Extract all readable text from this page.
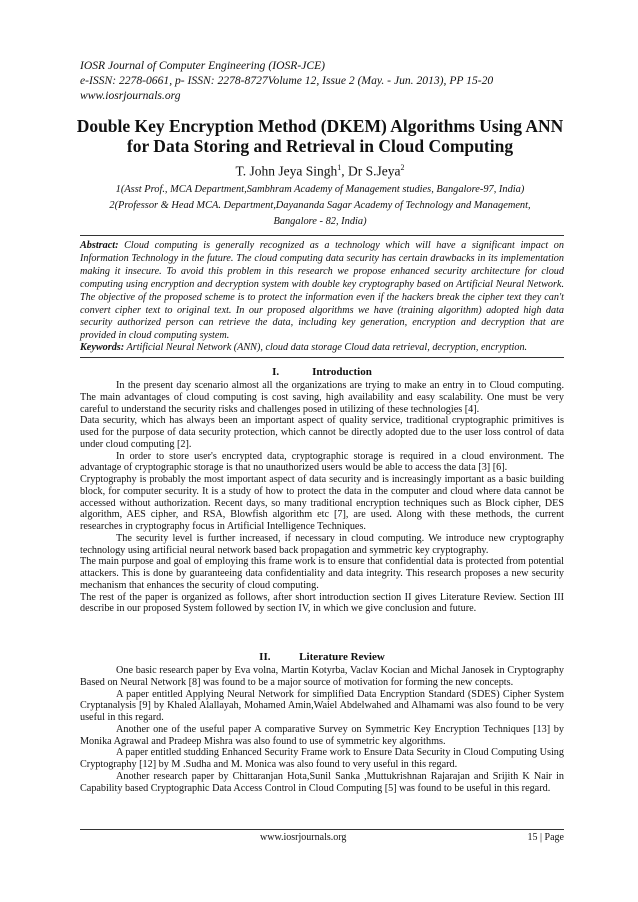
IOSR Journal of Computer Engineering (IOSR-JCE)
e-ISSN: 2278-0661, p- ISSN: 2278-8727Volume 12, Issue 2 (May. - Jun. 2013), PP 15-20
www.iosrjournals.org
Double Key Encryption Method (DKEM) Algorithms Using ANN for Data Storing and Retrieval in Cloud Computing
T. John Jeya Singh$^1$, Dr S.Jeya$^2$
1(Asst Prof., MCA Department,Sambhram Academy of Management studies, Bangalore-97, India)
2(Professor & Head MCA. Department,Dayananda Sagar Academy of Technology and Management,
Bangalore - 82, India)
Abstract: Cloud computing is generally recognized as a technology which will have a significant impact on Information Technology in the future. The cloud computing data security has certain drawbacks in its implementation making it insecure. To avoid this problem in this research we propose enhanced security architecture for cloud computing using encryption and decryption system with double key cryptography based on Artificial Neural Network. The objective of the proposed scheme is to protect the information even if the hackers break the cipher text they can't convert cipher text to original text. In our proposed algorithms we have (training algorithm) adopted high data security authorized person can retrieve the data, including key generation, encryption and decryption that are provided in cloud computing system.
Keywords: Artificial Neural Network (ANN), cloud data storage Cloud data retrieval, decryption, encryption.
I.	Introduction

In the present day scenario almost all the organizations are trying to make an entry in to Cloud computing. The main advantages of cloud computing is cost saving, high availability and easy scalability. One must be very careful to understand the security risks and challenges posed in utilizing of these technologies [4].

Data security, which has always been an important aspect of quality service, traditional cryptographic primitives is used for the purpose of data security protection, which cannot be directly adopted due to the user loss control of data under cloud computing [2].

In order to store user's encrypted data, cryptographic storage is required in a cloud environment. The advantage of cryptographic storage is that no unauthorized users would be able to access the data [3] [6].

Cryptography is probably the most important aspect of data security and is increasingly important as a basic building block, for computer security. It is a study of how to protect the data in the computer and cloud where data cannot be accessed without authorization. Recent days, so many traditional encryption techniques such as Block cipher, DES algorithm, AES cipher, and RSA, Blowfish algorithm etc [7], are used. Along with these methods, the current researches in cryptography focus in Artificial Intelligence Techniques.

The security level is further increased, if necessary in cloud computing. We introduce new cryptography technology using artificial neural network based back propagation and symmetric key cryptography.

The main purpose and goal of employing this frame work is to ensure that confidential data is protected from potential attackers. This is done by guaranteeing data confidentiality and data integrity. This research proposes a new security mechanism that enhances the security of cloud computing.

The rest of the paper is organized as follows, after short introduction section II gives Literature Review. Section III describe in our proposed System followed by section IV, in which we give conclusion and future.

II.	Literature Review

One basic research paper by Eva volna, Martin Kotyrba, Vaclav Kocian and Michal Janosek in Cryptography Based on Neural Network [8] was found to be a major source of motivation for forming the new concepts.

A paper entitled Applying Neural Network for simplified Data Encryption Standard (SDES) Cipher System Cryptanalysis [9] by Khaled Alallayah, Mohamed Amin,Waiel Abdelwahed and Alhamami was also found to be very useful in this regard.

Another one of the useful paper A comparative Survey on Symmetric Key Encryption Techniques [13] by Monika Agrawal and Pradeep Mishra was also found to use of symmetric key algorithms.

A paper entitled studding Enhanced Security Frame work to Ensure Data Security in Cloud Computing Using Cryptography [12] by M .Sudha and M. Monica was also found to very useful in this regard.

Another research paper by Chittaranjan Hota,Sunil Sanka ,Muttukrishnan Rajarajan and Srijith K Nair in Capability based Cryptographic Data Access Control in Cloud Computing [5] was found to be useful in this regard.

www.iosrjournals.org	15 | Page
